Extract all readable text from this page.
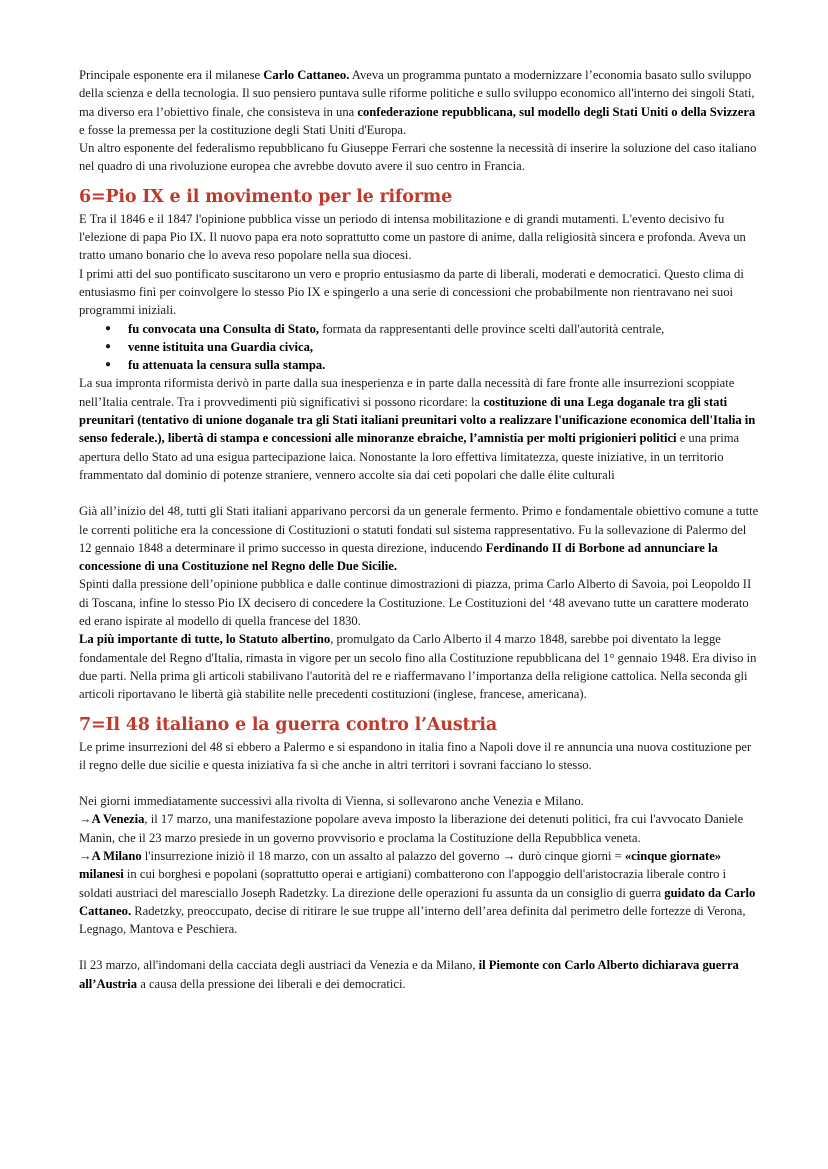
Principale esponente era il milanese Carlo Cattaneo. Aveva un programma puntato a modernizzare l’economia basato sullo sviluppo della scienza e della tecnologia. Il suo pensiero puntava sulle riforme politiche e sullo sviluppo economico all'interno dei singoli Stati, ma diverso era l’obiettivo finale, che consisteva in una confederazione repubblicana, sul modello degli Stati Uniti o della Svizzera e fosse la premessa per la costituzione degli Stati Uniti d'Europa.

Un altro esponente del federalismo repubblicano fu Giuseppe Ferrari che sostenne la necessità di inserire la soluzione del caso italiano nel quadro di una rivoluzione europea che avrebbe dovuto avere il suo centro in Francia.

6=Pio IX e il movimento per le riforme

E Tra il 1846 e il 1847 l'opinione pubblica visse un periodo di intensa mobilitazione e di grandi mutamenti. L'evento decisivo fu l'elezione di papa Pio IX. Il nuovo papa era noto soprattutto come un pastore di anime, dalla religiosità sincera e profonda. Aveva un tratto umano bonario che lo aveva reso popolare nella sua diocesi.

I primi atti del suo pontificato suscitarono un vero e proprio entusiasmo da parte di liberali, moderati e democratici. Questo clima di entusiasmo finì per coinvolgere lo stesso Pio IX e spingerlo a una serie di concessioni che probabilmente non rientravano nei suoi programmi iniziali.

● fu convocata una Consulta di Stato, formata da rappresentanti delle province scelti dall'autorità centrale,
● venne istituita una Guardia civica,
● fu attenuata la censura sulla stampa.

La sua impronta riformista derivò in parte dalla sua inesperienza e in parte dalla necessità di fare fronte alle insurrezioni scoppiate nell’Italia centrale. Tra i provvedimenti più significativi si possono ricordare: la costituzione di una Lega doganale tra gli stati preunitari (tentativo di unione doganale tra gli Stati italiani preunitari volto a realizzare l'unificazione economica dell'Italia in senso federale.), libertà di stampa e concessioni alle minoranze ebraiche, l’amnistia per molti prigionieri politici e una prima apertura dello Stato ad una esigua partecipazione laica. Nonostante la loro effettiva limitatezza, queste iniziative, in un territorio frammentato dal dominio di potenze straniere, vennero accolte sia dai ceti popolari che dalle élite culturali

Già all’inizio del 48, tutti gli Stati italiani apparivano percorsi da un generale fermento. Primo e fondamentale obiettivo comune a tutte le correnti politiche era la concessione di Costituzioni o statuti fondati sul sistema rappresentativo. Fu la sollevazione di Palermo del 12 gennaio 1848 a determinare il primo successo in questa direzione, inducendo Ferdinando II di Borbone ad annunciare la concessione di una Costituzione nel Regno delle Due Sicilie.

Spinti dalla pressione dell’opinione pubblica e dalle continue dimostrazioni di piazza, prima Carlo Alberto di Savoia, poi Leopoldo II di Toscana, infine lo stesso Pio IX decisero di concedere la Costituzione. Le Costituzioni del ‘48 avevano tutte un carattere moderato ed erano ispirate al modello di quella francese del 1830.

La più importante di tutte, lo Statuto albertino, promulgato da Carlo Alberto il 4 marzo 1848, sarebbe poi diventato la legge fondamentale del Regno d'Italia, rimasta in vigore per un secolo fino alla Costituzione repubblicana del 1° gennaio 1948. Era diviso in due parti. Nella prima gli articoli stabilivano l'autorità del re e riaffermavano l’importanza della religione cattolica. Nella seconda gli articoli riportavano le libertà già stabilite nelle precedenti costituzioni (inglese, francese, americana).

7=Il 48 italiano e la guerra contro l’Austria

Le prime insurrezioni del 48 si ebbero a Palermo e si espandono in italia fino a Napoli dove il re annuncia una nuova costituzione per il regno delle due sicilie e questa iniziativa fa sì che anche in altri territori i sovrani facciano lo stesso.

Nei giorni immediatamente successivi alla rivolta di Vienna, si sollevarono anche Venezia e Milano.

→A Venezia, il 17 marzo, una manifestazione popolare aveva imposto la liberazione dei detenuti politici, fra cui l'avvocato Daniele Manin, che il 23 marzo presiede in un governo provvisorio e proclama la Costituzione della Repubblica veneta.

→A Milano l'insurrezione iniziò il 18 marzo, con un assalto al palazzo del governo → durò cinque giorni = «cinque giornate» milanesi in cui borghesi e popolani (soprattutto operai e artigiani) combatterono con l'appoggio dell'aristocrazia liberale contro i soldati austriaci del maresciallo Joseph Radetzky. La direzione delle operazioni fu assunta da un consiglio di guerra guidato da Carlo Cattaneo. Radetzky, preoccupato, decise di ritirare le sue truppe all’interno dell’area definita dal perimetro delle fortezze di Verona, Legnago, Mantova e Peschiera.

Il 23 marzo, all'indomani della cacciata degli austriaci da Venezia e da Milano, il Piemonte con Carlo Alberto dichiarava guerra all’Austria a causa della pressione dei liberali e dei democratici.
